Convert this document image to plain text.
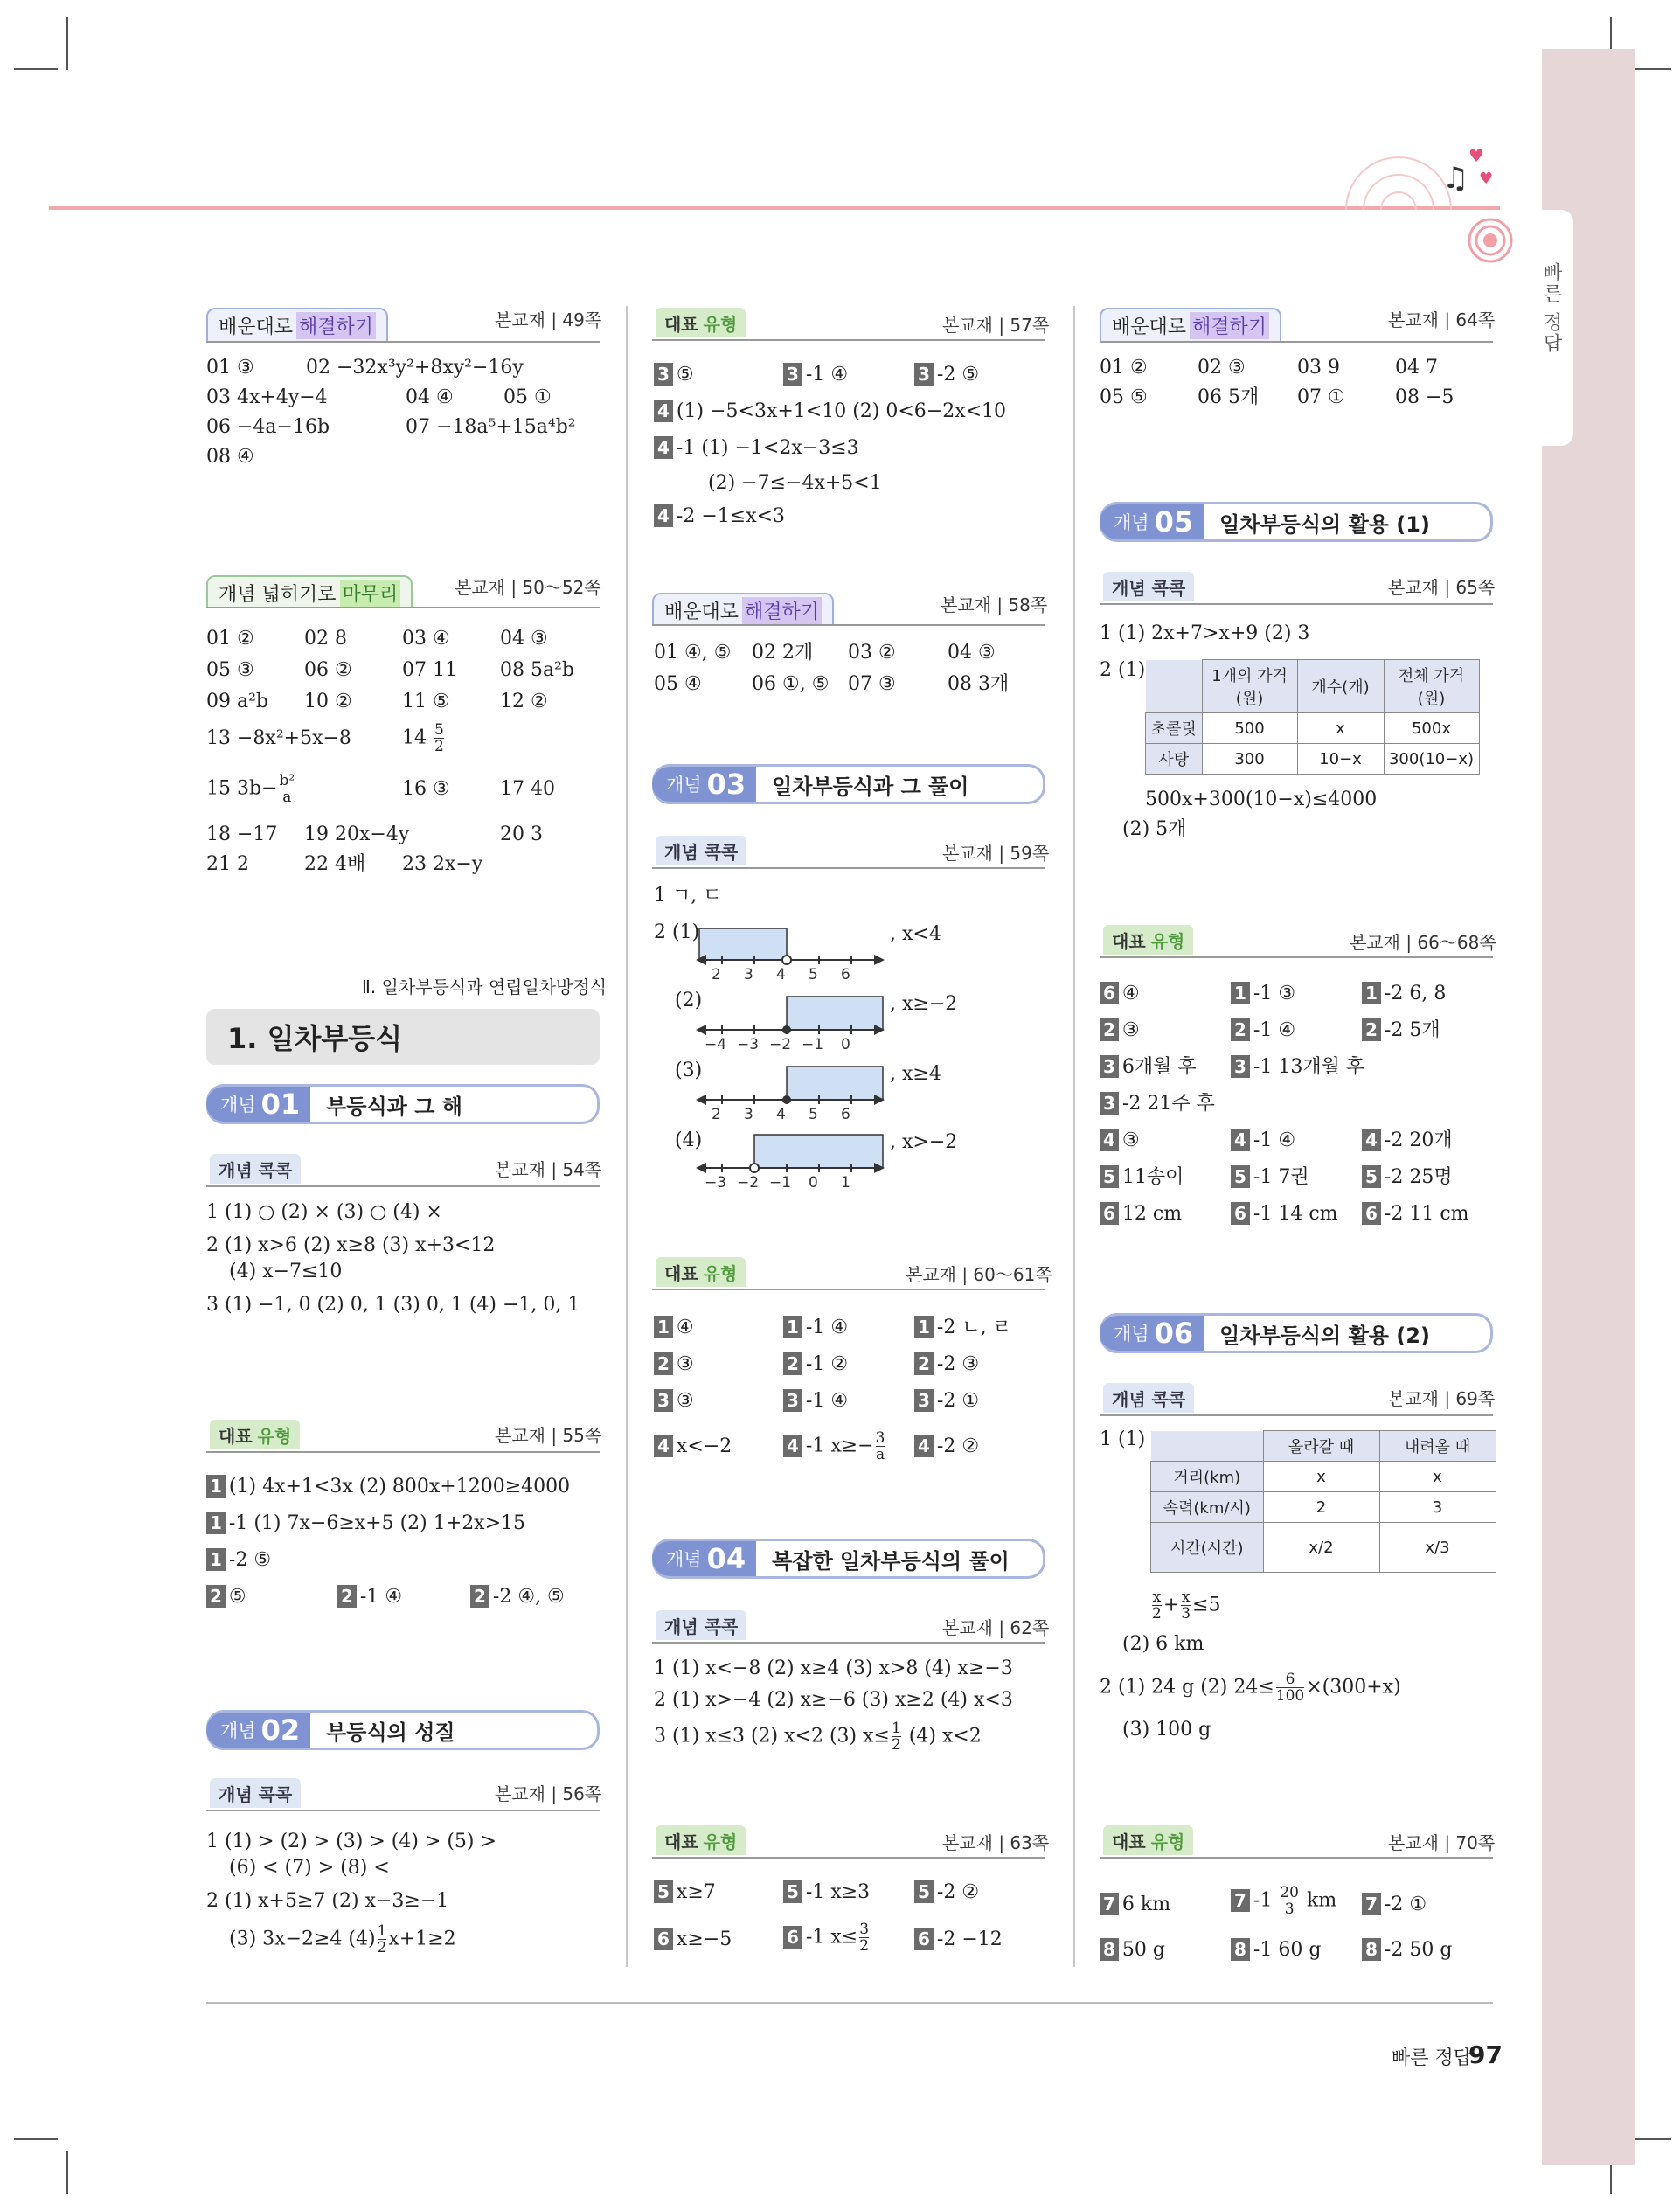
빠른 정답
♫
♥
♥
배운대로 해결하기	본교재 | 49쪽
01 ③	02 −32x³y²+8xy²−16y
03 4x+4y−4	04 ④	05 ①
06 −4a−16b	07 −18a⁵+15a⁴b²
08 ④
개념 넓히기로 마무리	본교재 | 50～52쪽
01 ②	02 8	03 ④	04 ③
05 ③	06 ②	07 11 08 5a²b
09 a²b 10 ②	11 ⑤	12 ②
13 −8x²+5x−8	$14 \frac{5}{2}$
15 $3b- \frac{\text{b²}}{a}$	16 ③	17 40
18 −17 19 20x−4y	20 3
21 2	22 4배 23 2x−y
Ⅱ. 일차부등식과 연립일차방정식
1. 일차부등식
개념 01 부등식과 그 해
개념 콕콕	본교재 | 54쪽
1 (1) ○ (2) × (3) ○ (4) ×
2 (1) x>6 (2) x≥8 (3) x+3<12
(4) x−7≤10
3 (1) −1, 0 (2) 0, 1 (3) 0, 1 (4) −1, 0, 1
대표 유형	본교재 | 55쪽
1 (1) 4x+1<3x (2) 800x+1200≥4000
1 -1 (1) 7x−6≥x+5 (2) 1+2x>15
1 -2 ⑤
2 ⑤	2 -1 ④	2 -2 ④, ⑤
개념 02 부등식의 성질
개념 콕콕	본교재 | 56쪽
1 (1) > (2) > (3) > (4) > (5) >
(6) < (7) > (8) <
2 (1) x+5≥7 (2) x−3≥−1
(3) 3x−2≥4 $(4) \frac{1}{2} x+1\ge 2$
대표 유형	본교재 | 57쪽
3 ⑤	3 -1 ④	3 -2 ⑤
4 (1) −5<3x+1<10 (2) 0<6−2x<10
4 -1 (1) −1<2x−3≤3
(2) −7≤−4x+5<1
4 -2 −1≤x<3
배운대로 해결하기	본교재 | 58쪽
01 ④, ⑤ 02 2개 03 ②	04 ③
05 ④	06 ①, ⑤ 07 ③	08 3개
개념 03 일차부등식과 그 풀이
개념 콕콕	본교재 | 59쪽
1 ㄱ, ㄷ
2 (1)
(2)
(3)
(4)
2 3 4 5 6
−4 −3 −2 −1 0
2 3 4 5 6
−3 −2 −1 0 1
, x<4
, x≥−2
, x≥4
, x>−2
대표 유형	본교재 | 60～61쪽
1 ④	1 -1 ④	1 -2 ㄴ, ㄹ
2 ③	2 -1 ②	2 -2 ③
3 ③	3 -1 ④	3 -2 ①
4 x<−2	4 -1 $x\ge- \frac{3}{a} 4$ -2 ②
개념 04 복잡한 일차부등식의 풀이
개념 콕콕	본교재 | 62쪽
1 (1) x<−8 (2) x≥4 (3) x>8 (4) x≥−3
2 (1) x>−4 (2) x≥−6 (3) x≥2 (4) x<3
3 (1) x≤3 (2) x<2 (3) $x\le \frac{1}{2} (4)$ x<2
대표 유형	본교재 | 63쪽
5 x≥7	5 -1 x≥3	5 -2 ②
6 x≥−5	6 -1 $x\le \frac{3}{2}$	6 -2 −12
배운대로 해결하기	본교재 | 64쪽
01 ②	02 ③	03 9	04 7
05 ⑤	06 5개 07 ①	08 −5
개념 05 일차부등식의 활용 (1)
개념 콕콕	본교재 | 65쪽
1 (1) 2x+7>x+9 (2) 3
2 (1)
		1개의 가격(원)	개수(개)	전체 가격(원)
초콜릿	500	x	500x
사탕	300	10−x	300(10−x)
500x+300(10−x)≤4000
(2) 5개
대표 유형	본교재 | 66～68쪽
6 ④	1 -1 ③	1 -2 6, 8
2 ③	2 -1 ④	2 -2 5개
3 6개월 후 3 -1 13개월 후
3 -2 21주 후
4 ③	4 -1 ④	4 -2 20개
5 11송이	5 -1 7권	5 -2 25명
6 12 cm	6 -1 14 cm 6 -2 11 cm
개념 06 일차부등식의 활용 (2)
개념 콕콕	본교재 | 69쪽
1 (1)
		올라갈 때	내려올 때
거리(km)	x	x
속력(km/시)	2	3
시간(시간)	x/2	x/3
$\frac{x}{2} + \frac{x}{3} \le 5$
(2) 6 km
2 (1) 24 g (2) $24\le \frac{6}{100} \times(300+x)$
(3) 100 g
대표 유형	본교재 | 70쪽
7 6 km	7 $-1 \frac{20}{3}$ km 7 -2 ①
8 50 g	8 -1 60 g	8 -2 50 g
빠른 정답
97
